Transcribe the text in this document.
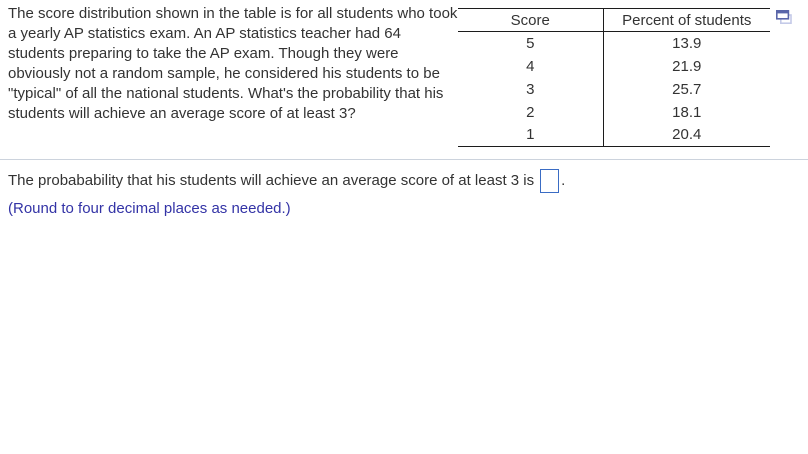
The score distribution shown in the table is for all students who took a yearly AP statistics exam. An AP statistics teacher had 64 students preparing to take the AP exam. Though they were obviously not a random sample, he considered his students to be "typical" of all the national students. What's the probability that his students will achieve an average score of at least 3?

Score	Percent of students
5	13.9
4	21.9
3	25.7
2	18.1
1	20.4
The probabability that his students will achieve an average score of at least 3 is .
(Round to four decimal places as needed.)
